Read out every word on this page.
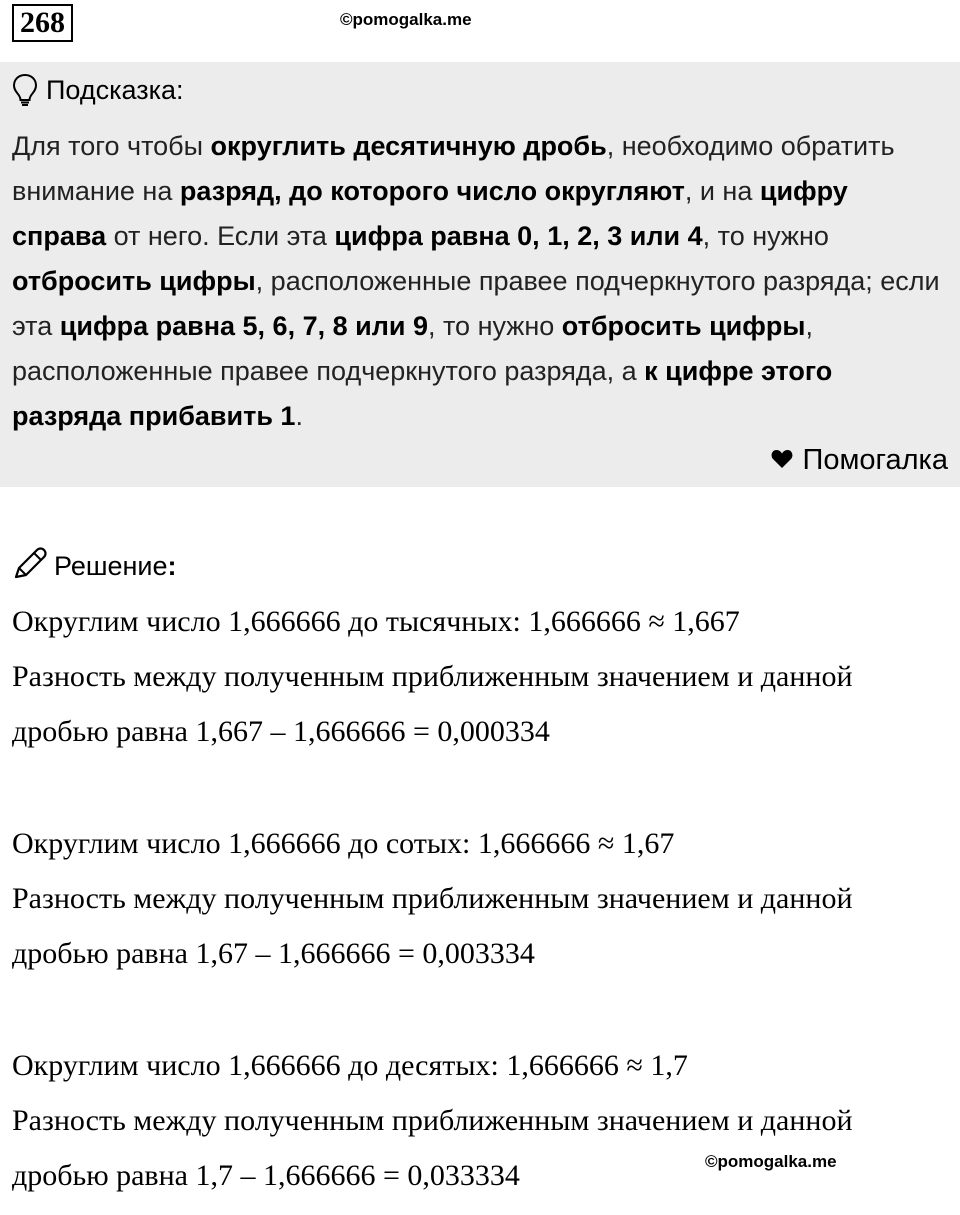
268	©pomogalka.me
Подсказка:
Для того чтобы округлить десятичную дробь, необходимо обратить внимание на разряд, до которого число округляют, и на цифру справа от него. Если эта цифра равна 0, 1, 2, 3 или 4, то нужно отбросить цифры, расположенные правее подчеркнутого разряда; если эта цифра равна 5, 6, 7, 8 или 9, то нужно отбросить цифры, расположенные правее подчеркнутого разряда, а к цифре этого разряда прибавить 1.
Помогалка
Решение:
Округлим число 1,666666 до тысячных: 1,666666 ≈ 1,667
Разность между полученным приближенным значением и данной
дробью равна 1,667 – 1,666666 = 0,000334
Округлим число 1,666666 до сотых: 1,666666 ≈ 1,67
Разность между полученным приближенным значением и данной
дробью равна 1,67 – 1,666666 = 0,003334
Округлим число 1,666666 до десятых: 1,666666 ≈ 1,7
Разность между полученным приближенным значением и данной
дробью равна 1,7 – 1,666666 = 0,033334	©pomogalka.me
